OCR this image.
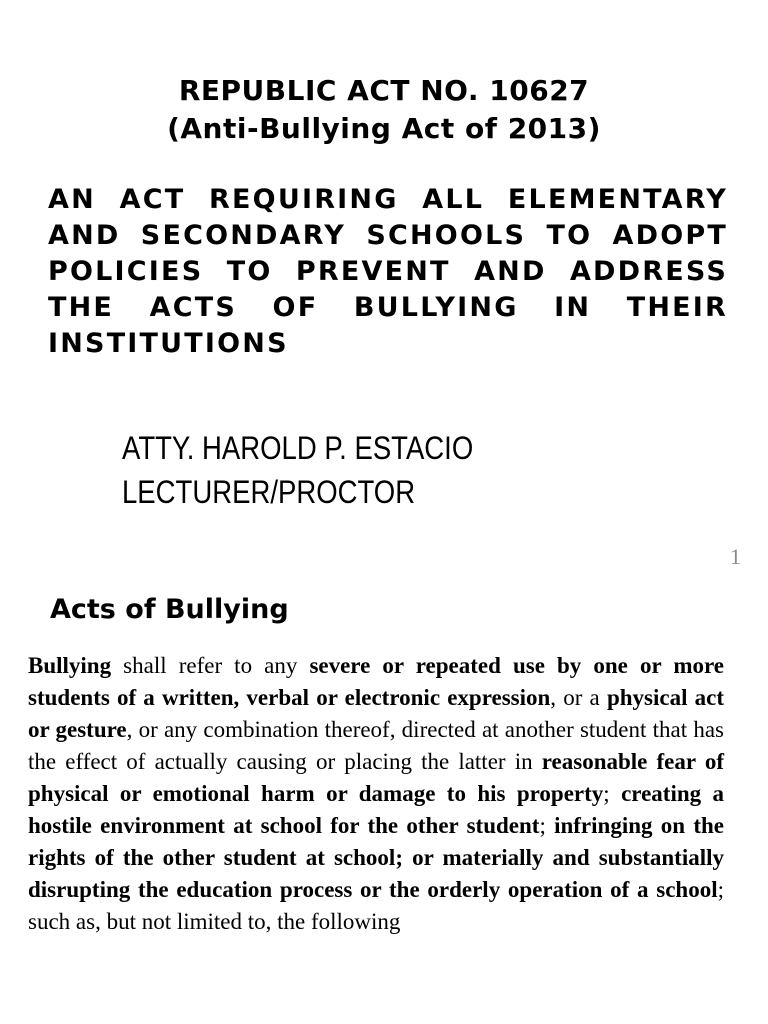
REPUBLIC ACT NO. 10627
(Anti-Bullying Act of 2013)
AN ACT REQUIRING ALL ELEMENTARY AND SECONDARY SCHOOLS TO ADOPT POLICIES TO PREVENT AND ADDRESS THE ACTS OF BULLYING IN THEIR INSTITUTIONS
ATTY. HAROLD P. ESTACIO
LECTURER/PROCTOR
1
Acts of Bullying
Bullying shall refer to any severe or repeated use by one or more students of a written, verbal or electronic expression, or a physical act or gesture, or any combination thereof, directed at another student that has the effect of actually causing or placing the latter in reasonable fear of physical or emotional harm or damage to his property; creating a hostile environment at school for the other student; infringing on the rights of the other student at school; or materially and substantially disrupting the education process or the orderly operation of a school; such as, but not limited to, the following
